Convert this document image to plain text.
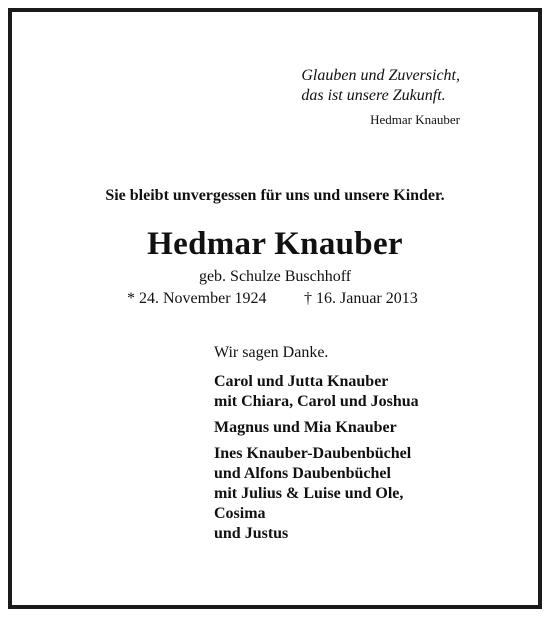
Glauben und Zuversicht,
das ist unsere Zukunft.
Hedmar Knauber
Sie bleibt unvergessen für uns und unsere Kinder.
Hedmar Knauber
geb. Schulze Buschhoff
* 24. November 1924 † 16. Januar 2013
Wir sagen Danke.
Carol und Jutta Knauber
mit Chiara, Carol und Joshua
Magnus und Mia Knauber
Ines Knauber-Daubenbüchel
und Alfons Daubenbüchel
mit Julius & Luise und Ole,
Cosima
und Justus
